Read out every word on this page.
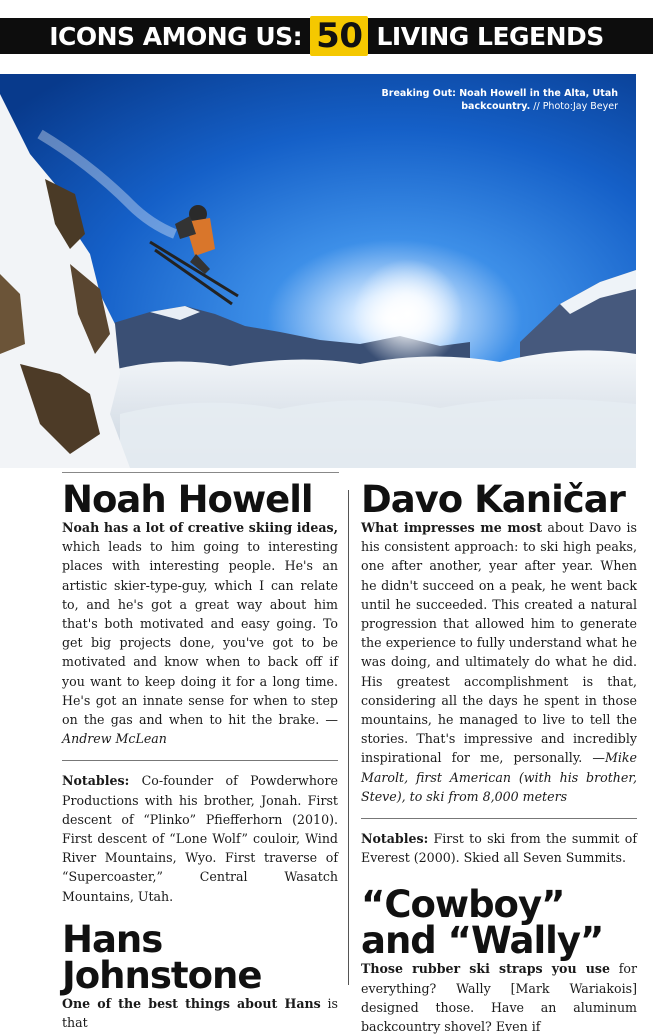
ICONS AMONG US: 50 LIVING LEGENDS
Breaking Out: Noah Howell in the Alta, Utah backcountry. // Photo:Jay Beyer
Noah Howell

Noah has a lot of creative skiing ideas, which leads to him going to interesting places with interesting people. He's an artistic skier-type-guy, which I can relate to, and he's got a great way about him that's both motivated and easy going. To get big projects done, you've got to be motivated and know when to back off if you want to keep doing it for a long time. He's got an innate sense for when to step on the gas and when to hit the brake. —Andrew McLean

Notables: Co-founder of Powderwhore Productions with his brother, Jonah. First descent of “Plinko” Pfiefferhorn (2010). First descent of “Lone Wolf” couloir, Wind River Mountains, Wyo. First traverse of “Supercoaster,” Central Wasatch Mountains, Utah.

Hans
Johnstone

One of the best things about Hans is that

Davo Kaničar

What impresses me most about Davo is his consistent approach: to ski high peaks, one after another, year after year. When he didn't succeed on a peak, he went back until he succeeded. This created a natural progression that allowed him to generate the experience to fully understand what he was doing, and ultimately do what he did. His greatest accomplishment is that, considering all the days he spent in those mountains, he managed to live to tell the stories. That's impressive and incredibly inspirational for me, personally. —Mike Marolt, first American (with his brother, Steve), to ski from 8,000 meters

Notables: First to ski from the summit of Everest (2000). Skied all Seven Summits.

“Cowboy”
and “Wally”

Those rubber ski straps you use for everything? Wally [Mark Wariakois] designed those. Have an aluminum backcountry shovel? Even if
